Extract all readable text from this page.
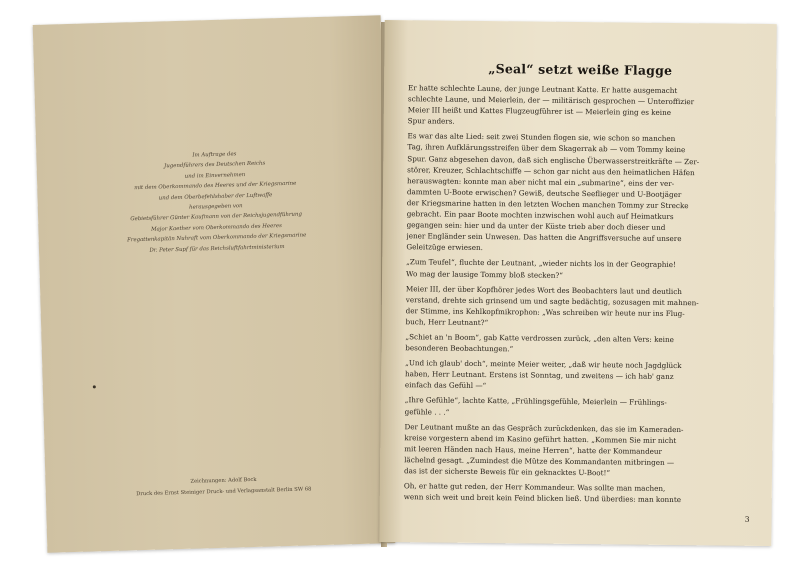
Im Auftrage des
Jugendführers des Deutschen Reichs
und im Einvernehmen
mit dem Oberkommando des Heeres und der Kriegsmarine
und dem Oberbefehlshaber der Luftwaffe
herausgegeben von
Gebietsführer Günter Kaufmann von der Reichsjugendführung
Major Kaether vom Oberkommando des Heeres
Fregattenkapitän Nuhraft vom Oberkommando der Kriegsmarine
Dr. Peter Supf für das Reichsluftfahrtministerium
Zeichnungen: Adolf Bock
Druck des Ernst Steiniger Druck- und Verlagsanstalt Berlin SW 68
„Seal“ setzt weiße Flagge
Er hatte schlechte Laune, der junge Leutnant Katte. Er hatte ausgemacht
schlechte Laune, und Meierlein, der — militärisch gesprochen — Unteroffizier
Meier III heißt und Kattes Flugzeugführer ist — Meierlein ging es keine
Spur anders.
Es war das alte Lied: seit zwei Stunden flogen sie, wie schon so manchen
Tag, ihren Aufklärungsstreifen über dem Skagerrak ab — vom Tommy keine
Spur. Ganz abgesehen davon, daß sich englische Überwasserstreitkräfte — Zer-
störer, Kreuzer, Schlachtschiffe — schon gar nicht aus den heimatlichen Häfen
herauswagten: konnte man aber nicht mal ein „submarine“, eins der ver-
dammten U-Boote erwischen? Gewiß, deutsche Seeflieger und U-Bootjäger
der Kriegsmarine hatten in den letzten Wochen manchen Tommy zur Strecke
gebracht. Ein paar Boote mochten inzwischen wohl auch auf Heimatkurs
gegangen sein: hier und da unter der Küste trieb aber doch dieser und
jener Engländer sein Unwesen. Das hatten die Angriffsversuche auf unsere
Geleitzüge erwiesen.
„Zum Teufel“, fluchte der Leutnant, „wieder nichts los in der Geographie!
Wo mag der lausige Tommy bloß stecken?“
Meier III, der über Kopfhörer jedes Wort des Beobachters laut und deutlich
verstand, drehte sich grinsend um und sagte bedächtig, sozusagen mit mahnen-
der Stimme, ins Kehlkopfmikrophon: „Was schreiben wir heute nur ins Flug-
buch, Herr Leutnant?“
„Schiet an 'n Boom“, gab Katte verdrossen zurück, „den alten Vers: keine
besonderen Beobachtungen.“
„Und ich glaub' doch“, meinte Meier weiter, „daß wir heute noch Jagdglück
haben, Herr Leutnant. Erstens ist Sonntag, und zweitens — ich hab' ganz
einfach das Gefühl —“
„Ihre Gefühle“, lachte Katte, „Frühlingsgefühle, Meierlein — Frühlings-
gefühle . . .“
Der Leutnant mußte an das Gespräch zurückdenken, das sie im Kameraden-
kreise vorgestern abend im Kasino geführt hatten. „Kommen Sie mir nicht
mit leeren Händen nach Haus, meine Herren“, hatte der Kommandeur
lächelnd gesagt. „Zumindest die Mütze des Kommandanten mitbringen —
das ist der sicherste Beweis für ein geknacktes U-Boot!“
Oh, er hatte gut reden, der Herr Kommandeur. Was sollte man machen,
wenn sich weit und breit kein Feind blicken ließ. Und überdies: man konnte
3
